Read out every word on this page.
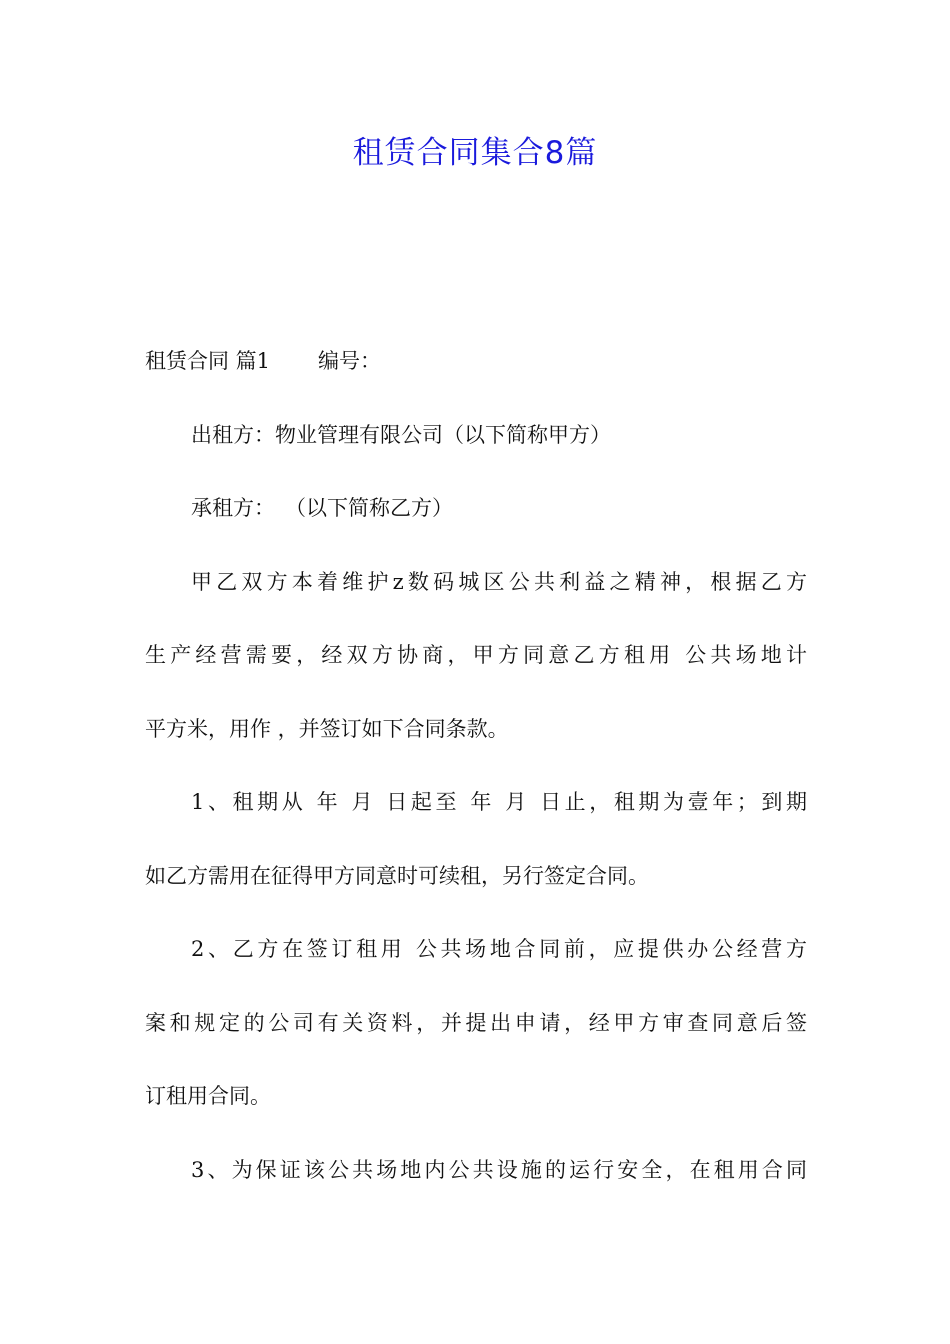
租赁合同集合8篇
租赁合同 篇1 编号：
出租方：物业管理有限公司（以下简称甲方）
承租方： （以下简称乙方）
甲乙双方本着维护z数码城区公共利益之精神，根据乙方
生产经营需要，经双方协商，甲方同意乙方租用 公共场地计
平方米，用作 ，并签订如下合同条款。
1、租期从 年 月 日起至 年 月 日止，租期为壹年；到期
如乙方需用在征得甲方同意时可续租，另行签定合同。
2、乙方在签订租用 公共场地合同前，应提供办公经营方
案和规定的公司有关资料，并提出申请，经甲方审查同意后签
订租用合同。
3、为保证该公共场地内公共设施的运行安全，在租用合同
